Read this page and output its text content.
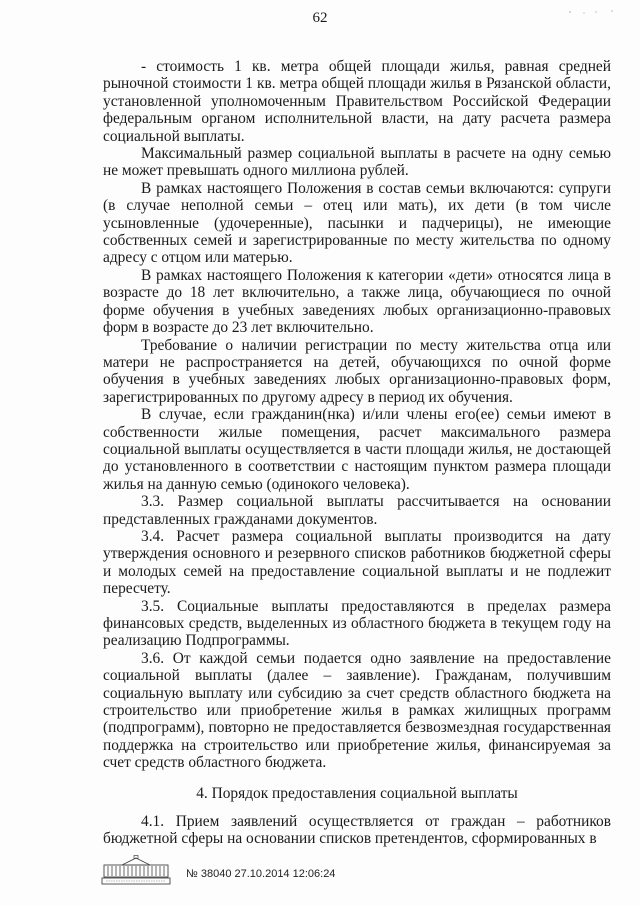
62

- стоимость 1 кв. метра общей площади жилья, равная средней рыночной стоимости 1 кв. метра общей площади жилья в Рязанской области, установленной уполномоченным Правительством Российской Федерации федеральным органом исполнительной власти, на дату расчета размера социальной выплаты.

Максимальный размер социальной выплаты в расчете на одну семью не может превышать одного миллиона рублей.

В рамках настоящего Положения в состав семьи включаются: супруги (в случае неполной семьи – отец или мать), их дети (в том числе усыновленные (удочеренные), пасынки и падчерицы), не имеющие собственных семей и зарегистрированные по месту жительства по одному адресу с отцом или матерью.

В рамках настоящего Положения к категории «дети» относятся лица в возрасте до 18 лет включительно, а также лица, обучающиеся по очной форме обучения в учебных заведениях любых организационно-правовых форм в возрасте до 23 лет включительно.

Требование о наличии регистрации по месту жительства отца или матери не распространяется на детей, обучающихся по очной форме обучения в учебных заведениях любых организационно-правовых форм, зарегистрированных по другому адресу в период их обучения.

В случае, если гражданин(нка) и/или члены его(ее) семьи имеют в собственности жилые помещения, расчет максимального размера социальной выплаты осуществляется в части площади жилья, не достающей до установленного в соответствии с настоящим пунктом размера площади жилья на данную семью (одинокого человека).

3.3. Размер социальной выплаты рассчитывается на основании представленных гражданами документов.

3.4. Расчет размера социальной выплаты производится на дату утверждения основного и резервного списков работников бюджетной сферы и молодых семей на предоставление социальной выплаты и не подлежит пересчету.

3.5. Социальные выплаты предоставляются в пределах размера финансовых средств, выделенных из областного бюджета в текущем году на реализацию Подпрограммы.

3.6. От каждой семьи подается одно заявление на предоставление социальной выплаты (далее – заявление). Гражданам, получившим социальную выплату или субсидию за счет средств областного бюджета на строительство или приобретение жилья в рамках жилищных программ (подпрограмм), повторно не предоставляется безвозмездная государственная поддержка на строительство или приобретение жилья, финансируемая за счет средств областного бюджета.

4. Порядок предоставления социальной выплаты

4.1. Прием заявлений осуществляется от граждан – работников бюджетной сферы на основании списков претендентов, сформированных в

№ 38040 27.10.2014 12:06:24
